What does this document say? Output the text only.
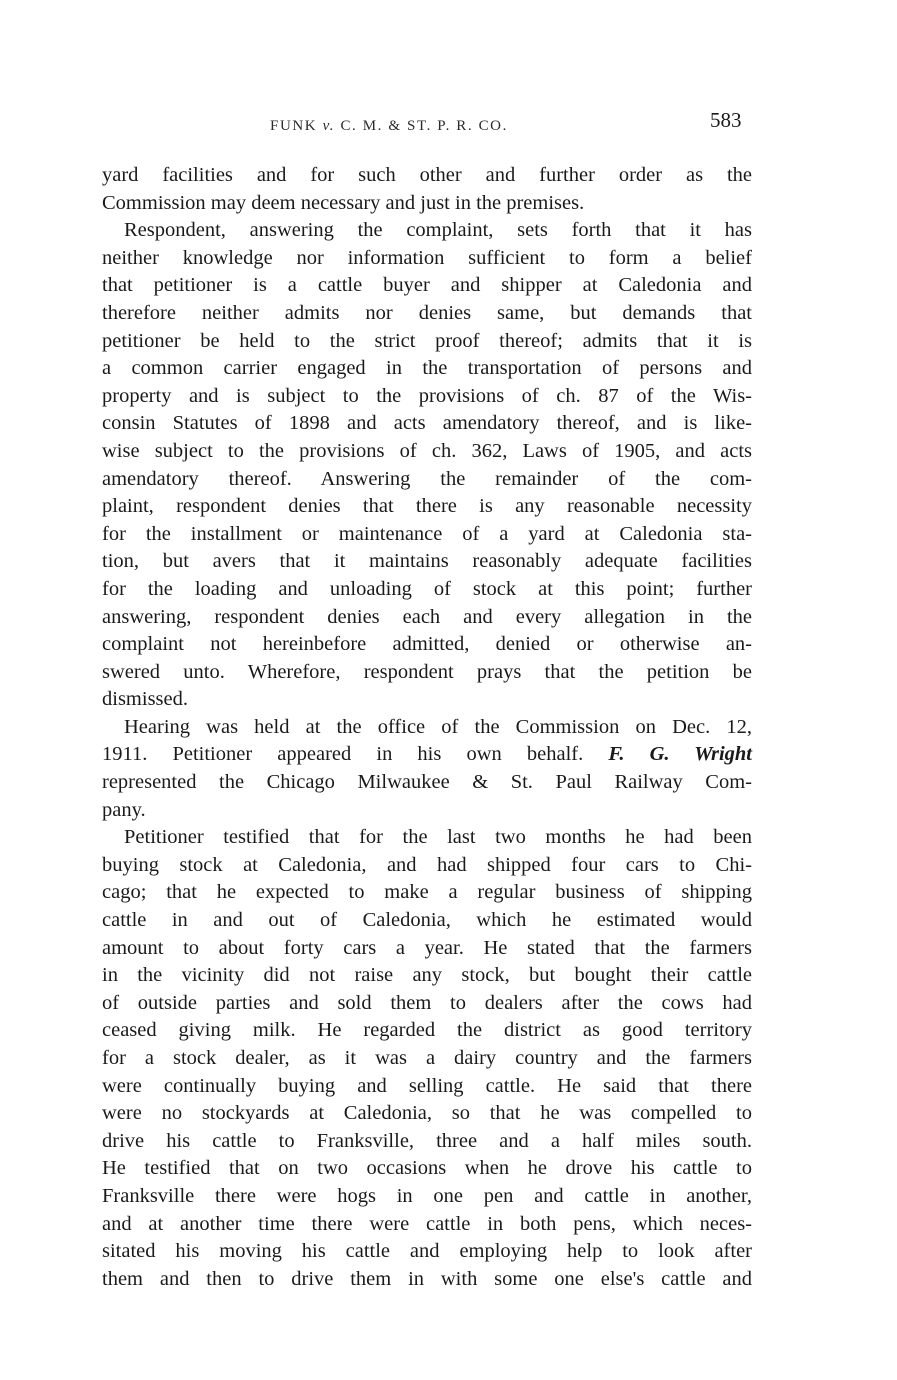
FUNK v. C. M. & ST. P. R. CO.	583
yard facilities and for such other and further order as the
Commission may deem necessary and just in the premises.
Respondent, answering the complaint, sets forth that it has
neither knowledge nor information sufficient to form a belief
that petitioner is a cattle buyer and shipper at Caledonia and
therefore neither admits nor denies same, but demands that
petitioner be held to the strict proof thereof; admits that it is
a common carrier engaged in the transportation of persons and
property and is subject to the provisions of ch. 87 of the Wis-
consin Statutes of 1898 and acts amendatory thereof, and is like-
wise subject to the provisions of ch. 362, Laws of 1905, and acts
amendatory thereof. Answering the remainder of the com-
plaint, respondent denies that there is any reasonable necessity
for the installment or maintenance of a yard at Caledonia sta-
tion, but avers that it maintains reasonably adequate facilities
for the loading and unloading of stock at this point; further
answering, respondent denies each and every allegation in the
complaint not hereinbefore admitted, denied or otherwise an-
swered unto. Wherefore, respondent prays that the petition be
dismissed.
Hearing was held at the office of the Commission on Dec. 12,
1911. Petitioner appeared in his own behalf. F. G. Wright
represented the Chicago Milwaukee & St. Paul Railway Com-
pany.
Petitioner testified that for the last two months he had been
buying stock at Caledonia, and had shipped four cars to Chi-
cago; that he expected to make a regular business of shipping
cattle in and out of Caledonia, which he estimated would
amount to about forty cars a year. He stated that the farmers
in the vicinity did not raise any stock, but bought their cattle
of outside parties and sold them to dealers after the cows had
ceased giving milk. He regarded the district as good territory
for a stock dealer, as it was a dairy country and the farmers
were continually buying and selling cattle. He said that there
were no stockyards at Caledonia, so that he was compelled to
drive his cattle to Franksville, three and a half miles south.
He testified that on two occasions when he drove his cattle to
Franksville there were hogs in one pen and cattle in another,
and at another time there were cattle in both pens, which neces-
sitated his moving his cattle and employing help to look after
them and then to drive them in with some one else's cattle and
